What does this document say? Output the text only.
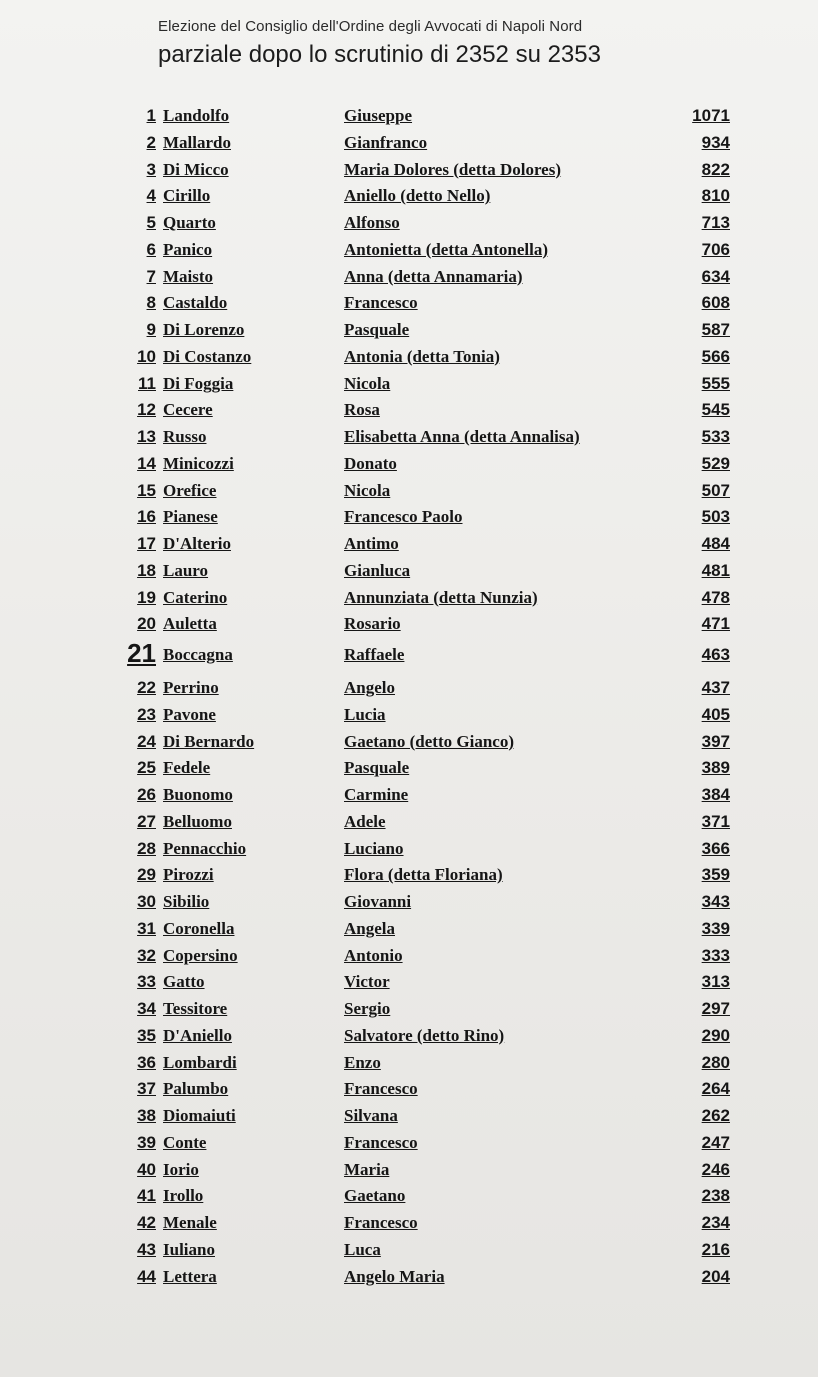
Elezione del Consiglio dell'Ordine degli Avvocati di Napoli Nord
parziale dopo lo scrutinio di 2352 su 2353
1 Landolfo	Giuseppe	1071
2 Mallardo	Gianfranco	934
3 Di Micco	Maria Dolores (detta Dolores)	822
4 Cirillo	Aniello (detto Nello)	810
5 Quarto	Alfonso	713
6 Panico	Antonietta (detta Antonella)	706
7 Maisto	Anna (detta Annamaria)	634
8 Castaldo	Francesco	608
9 Di Lorenzo	Pasquale	587
10 Di Costanzo	Antonia (detta Tonia)	566
11 Di Foggia	Nicola	555
12 Cecere	Rosa	545
13 Russo	Elisabetta Anna (detta Annalisa)	533
14 Minicozzi	Donato	529
15 Orefice	Nicola	507
16 Pianese	Francesco Paolo	503
17 D'Alterio	Antimo	484
18 Lauro	Gianluca	481
19 Caterino	Annunziata (detta Nunzia)	478
20 Auletta	Rosario	471
21 Boccagna	Raffaele	463
22 Perrino	Angelo	437
23 Pavone	Lucia	405
24 Di Bernardo	Gaetano (detto Gianco)	397
25 Fedele	Pasquale	389
26 Buonomo	Carmine	384
27 Belluomo	Adele	371
28 Pennacchio	Luciano	366
29 Pirozzi	Flora (detta Floriana)	359
30 Sibilio	Giovanni	343
31 Coronella	Angela	339
32 Copersino	Antonio	333
33 Gatto	Victor	313
34 Tessitore	Sergio	297
35 D'Aniello	Salvatore (detto Rino)	290
36 Lombardi	Enzo	280
37 Palumbo	Francesco	264
38 Diomaiuti	Silvana	262
39 Conte	Francesco	247
40 Iorio	Maria	246
41 Irollo	Gaetano	238
42 Menale	Francesco	234
43 Iuliano	Luca	216
44 Lettera	Angelo Maria	204
